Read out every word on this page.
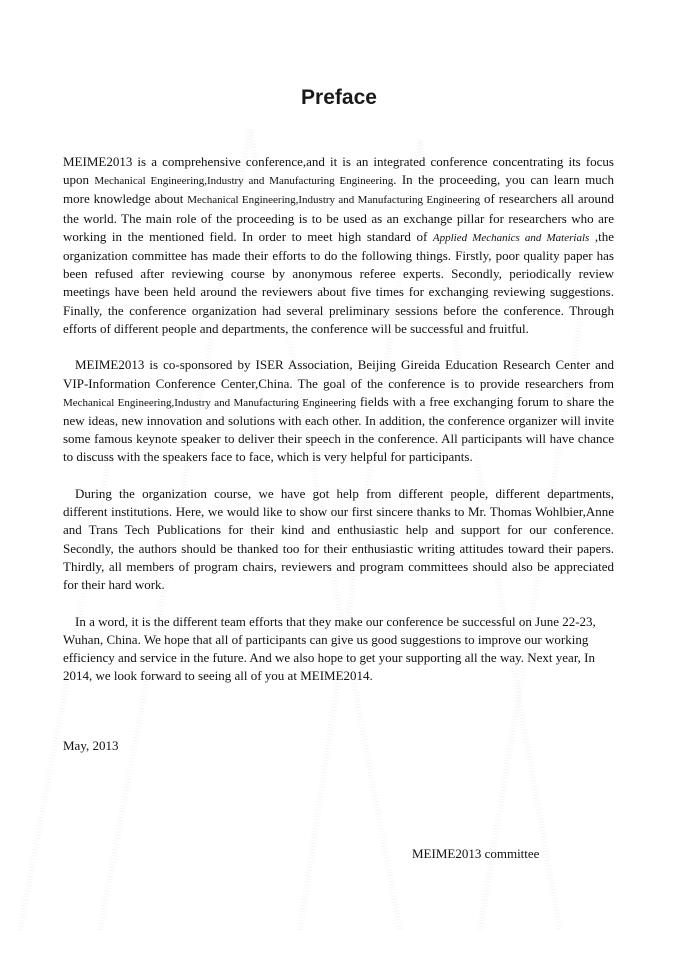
Preface

MEIME2013 is a comprehensive conference,and it is an integrated conference concentrating its focus upon Mechanical Engineering,Industry and Manufacturing Engineering. In the proceeding, you can learn much more knowledge about Mechanical Engineering,Industry and Manufacturing Engineering of researchers all around the world. The main role of the proceeding is to be used as an exchange pillar for researchers who are working in the mentioned field. In order to meet high standard of Applied Mechanics and Materials ,the organization committee has made their efforts to do the following things. Firstly, poor quality paper has been refused after reviewing course by anonymous referee experts. Secondly, periodically review meetings have been held around the reviewers about five times for exchanging reviewing suggestions. Finally, the conference organization had several preliminary sessions before the conference. Through efforts of different people and departments, the conference will be successful and fruitful.

MEIME2013 is co-sponsored by ISER Association, Beijing Gireida Education Research Center and VIP-Information Conference Center,China. The goal of the conference is to provide researchers from Mechanical Engineering,Industry and Manufacturing Engineering fields with a free exchanging forum to share the new ideas, new innovation and solutions with each other. In addition, the conference organizer will invite some famous keynote speaker to deliver their speech in the conference. All participants will have chance to discuss with the speakers face to face, which is very helpful for participants.

During the organization course, we have got help from different people, different departments, different institutions. Here, we would like to show our first sincere thanks to Mr. Thomas Wohlbier,Anne and Trans Tech Publications for their kind and enthusiastic help and support for our conference. Secondly, the authors should be thanked too for their enthusiastic writing attitudes toward their papers. Thirdly, all members of program chairs, reviewers and program committees should also be appreciated for their hard work.

In a word, it is the different team efforts that they make our conference be successful on June 22-23, Wuhan, China. We hope that all of participants can give us good suggestions to improve our working efficiency and service in the future. And we also hope to get your supporting all the way. Next year, In 2014, we look forward to seeing all of you at MEIME2014.

May, 2013
MEIME2013 committee
